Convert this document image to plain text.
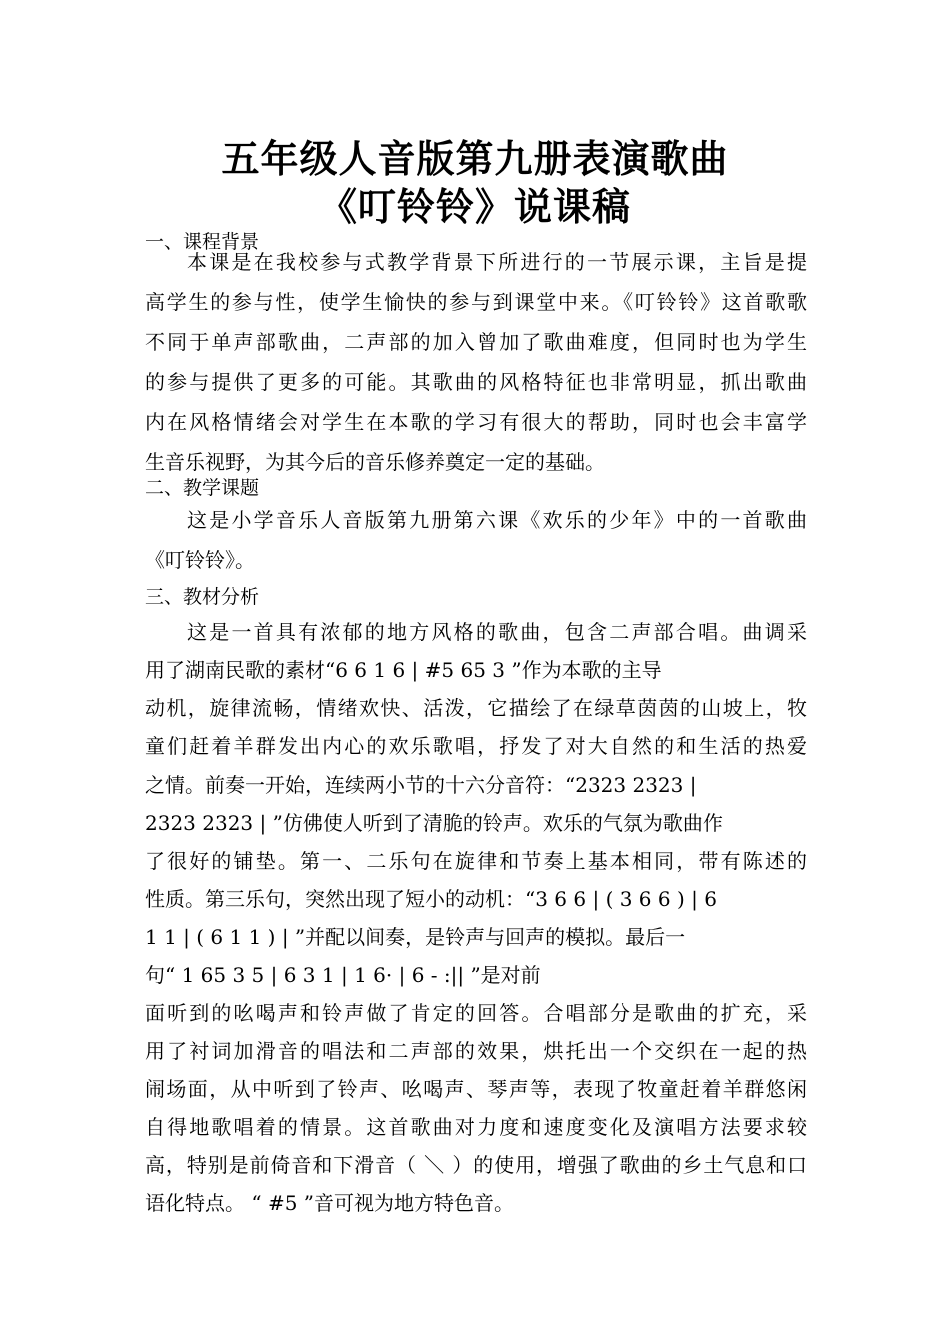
五年级人音版第九册表演歌曲
《叮铃铃》说课稿
一、课程背景
本课是在我校参与式教学背景下所进行的一节展示课，主旨是提
高学生的参与性，使学生愉快的参与到课堂中来。《叮铃铃》这首歌歌
不同于单声部歌曲，二声部的加入曾加了歌曲难度，但同时也为学生
的参与提供了更多的可能。其歌曲的风格特征也非常明显，抓出歌曲
内在风格情绪会对学生在本歌的学习有很大的帮助，同时也会丰富学
生音乐视野，为其今后的音乐修养奠定一定的基础。
二、教学课题
这是小学音乐人音版第九册第六课《欢乐的少年》中的一首歌曲
《叮铃铃》。
三、教材分析
这是一首具有浓郁的地方风格的歌曲，包含二声部合唱。曲调采
用了湖南民歌的素材“6 6 1 6 | #5 65 3 ”作为本歌的主导
动机，旋律流畅，情绪欢快、活泼，它描绘了在绿草茵茵的山坡上，牧
童们赶着羊群发出内心的欢乐歌唱，抒发了对大自然的和生活的热爱
之情。前奏一开始，连续两小节的十六分音符：“2323 2323 |
2323 2323 | ”仿佛使人听到了清脆的铃声。欢乐的气氛为歌曲作
了很好的铺垫。第一、二乐句在旋律和节奏上基本相同，带有陈述的
性质。第三乐句，突然出现了短小的动机：“3 6 6 | ( 3 6 6 ) | 6
1 1 | ( 6 1 1 ) | ”并配以间奏，是铃声与回声的模拟。最后一
句“ 1 65 3 5 | 6 3 1 | 1 6· | 6 - :|| ”是对前
面听到的吆喝声和铃声做了肯定的回答。合唱部分是歌曲的扩充，采
用了衬词加滑音的唱法和二声部的效果，烘托出一个交织在一起的热
闹场面，从中听到了铃声、吆喝声、琴声等，表现了牧童赶着羊群悠闲
自得地歌唱着的情景。这首歌曲对力度和速度变化及演唱方法要求较
高，特别是前倚音和下滑音（ ＼ ）的使用，增强了歌曲的乡土气息和口
语化特点。 “ #5 ”音可视为地方特色音。
